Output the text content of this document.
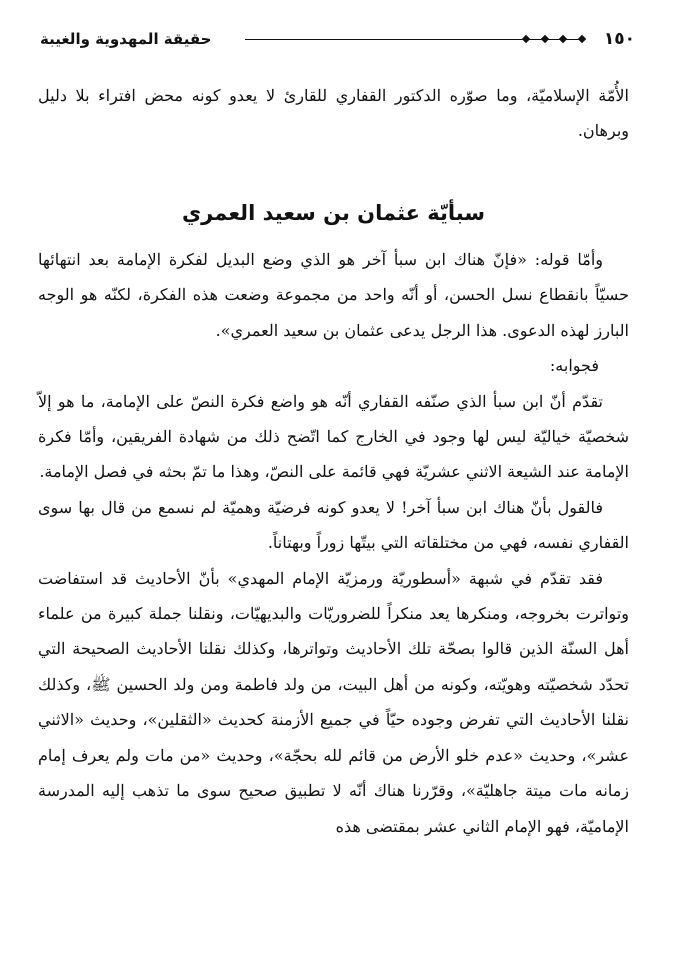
١٥٠
حقيقة المهدوية والغيبة

الأُمّة الإسلاميّة، وما صوّره الدكتور القفاري للقارئ لا يعدو كونه محض افتراء بلا دليل وبرهان.

سبأيّة عثمان بن سعيد العمري

وأمّا قوله: «فإنّ هناك ابن سبأ آخر هو الذي وضع البديل لفكرة الإمامة بعد انتهائها حسيّاً بانقطاع نسل الحسن، أو أنّه واحد من مجموعة وضعت هذه الفكرة، لكنّه هو الوجه البارز لهذه الدعوى. هذا الرجل يدعى عثمان بن سعيد العمري».

فجوابه:

تقدّم أنّ ابن سبأ الذي صنّفه القفاري أنّه هو واضع فكرة النصّ على الإمامة، ما هو إلاّ شخصيّة خياليّة ليس لها وجود في الخارج كما اتّضح ذلك من شهادة الفريقين، وأمّا فكرة الإمامة عند الشيعة الاثني عشريّة فهي قائمة على النصّ، وهذا ما تمّ بحثه في فصل الإمامة.

فالقول بأنّ هناك ابن سبأ آخر! لا يعدو كونه فرضيّة وهميّة لم نسمع من قال بها سوى القفاري نفسه، فهي من مختلقاته التي بيتّها زوراً وبهتاناً.

فقد تقدّم في شبهة «أسطوريّة ورمزيّة الإمام المهدي» بأنّ الأحاديث قد استفاضت وتواترت بخروجه، ومنكرها يعد منكراً للضروريّات والبديهيّات، ونقلنا جملة كبيرة من علماء أهل السنّة الذين قالوا بصحّة تلك الأحاديث وتواترها، وكذلك نقلنا الأحاديث الصحيحة التي تحدّد شخصيّته وهويّته، وكونه من أهل البيت، من ولد فاطمة ومن ولد الحسين ﷺ، وكذلك نقلنا الأحاديث التي تفرض وجوده حيّاً في جميع الأزمنة كحديث «الثقلين»، وحديث «الاثني عشر»، وحديث «عدم خلو الأرض من قائم لله بحجّة»، وحديث «من مات ولم يعرف إمام زمانه مات ميتة جاهليّة»، وقرّرنا هناك أنّه لا تطبيق صحيح سوى ما تذهب إليه المدرسة الإماميّة، فهو الإمام الثاني عشر بمقتضى هذه
